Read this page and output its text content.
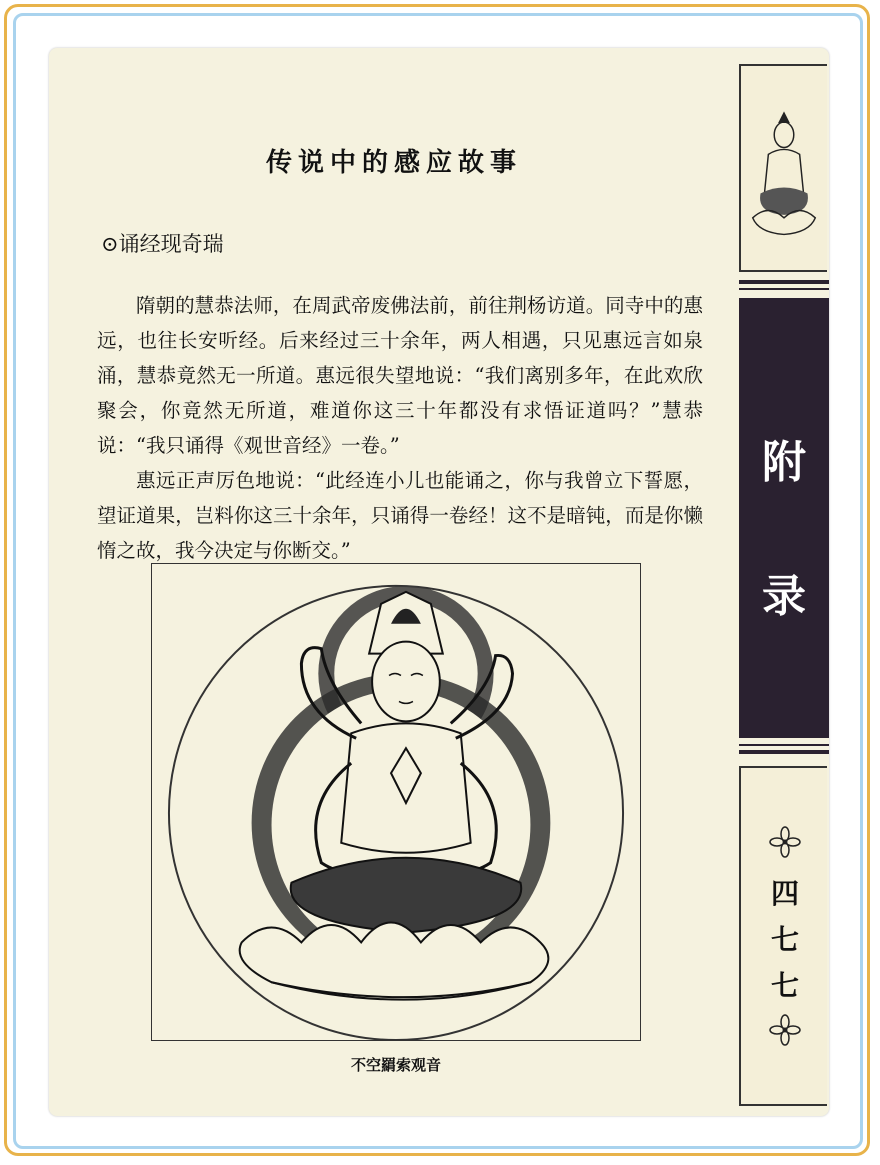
传说中的感应故事
⊙诵经现奇瑞

隋朝的慧恭法师，在周武帝废佛法前，前往荆杨访道。同寺中的惠远，也往长安听经。后来经过三十余年，两人相遇，只见惠远言如泉涌，慧恭竟然无一所道。惠远很失望地说：“我们离别多年，在此欢欣聚会，你竟然无所道，难道你这三十年都没有求悟证道吗？”慧恭说：“我只诵得《观世音经》一卷。”

惠远正声厉色地说：“此经连小儿也能诵之，你与我曾立下誓愿，望证道果，岂料你这三十余年，只诵得一卷经！这不是暗钝，而是你懒惰之故，我今决定与你断交。”

不空羂索观音
附
录
四
七
七
